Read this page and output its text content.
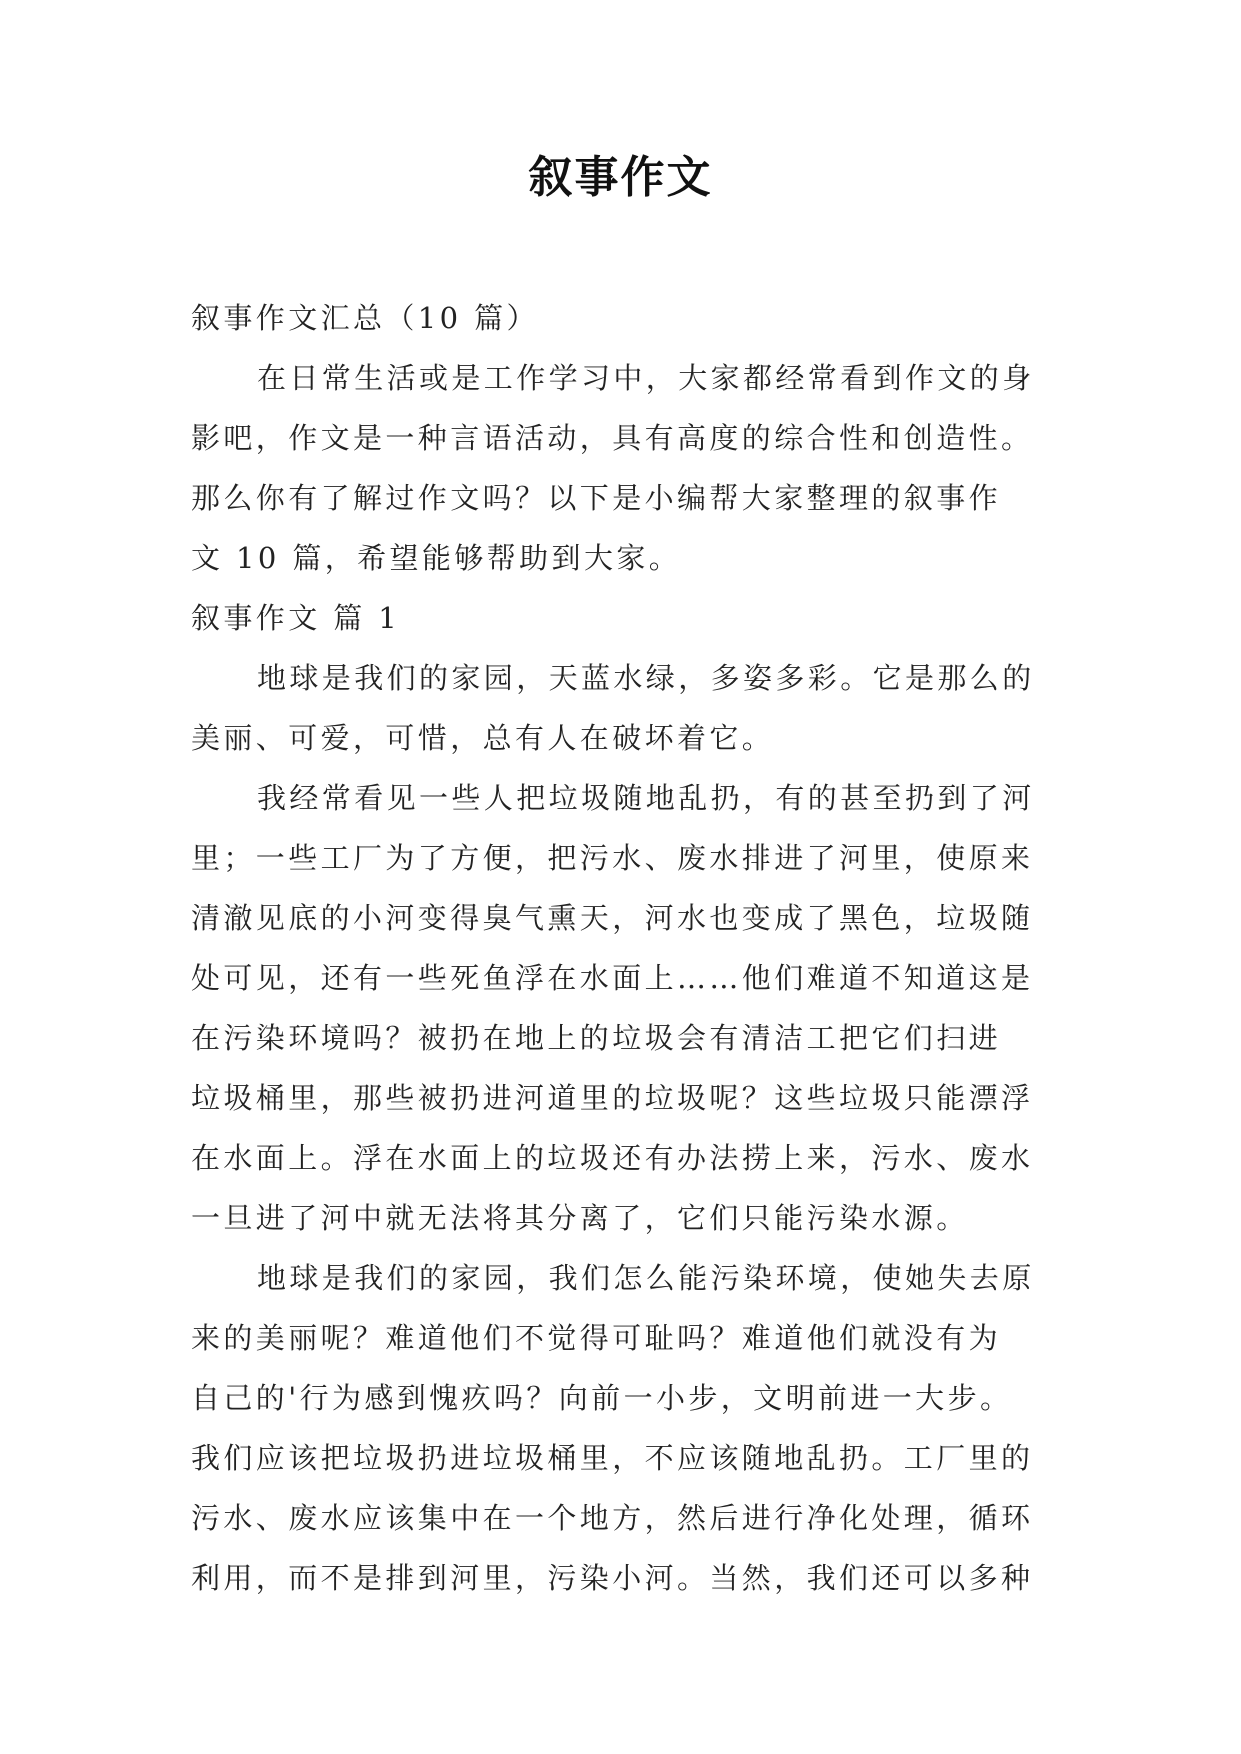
叙事作文
叙事作文汇总（10 篇）
在日常生活或是工作学习中，大家都经常看到作文的身
影吧，作文是一种言语活动，具有高度的综合性和创造性。
那么你有了解过作文吗？以下是小编帮大家整理的叙事作
文 10 篇，希望能够帮助到大家。
叙事作文 篇 1
地球是我们的家园，天蓝水绿，多姿多彩。它是那么的
美丽、可爱，可惜，总有人在破坏着它。
我经常看见一些人把垃圾随地乱扔，有的甚至扔到了河
里；一些工厂为了方便，把污水、废水排进了河里，使原来
清澈见底的小河变得臭气熏天，河水也变成了黑色，垃圾随
处可见，还有一些死鱼浮在水面上……他们难道不知道这是
在污染环境吗？被扔在地上的垃圾会有清洁工把它们扫进
垃圾桶里，那些被扔进河道里的垃圾呢？这些垃圾只能漂浮
在水面上。浮在水面上的垃圾还有办法捞上来，污水、废水
一旦进了河中就无法将其分离了，它们只能污染水源。
地球是我们的家园，我们怎么能污染环境，使她失去原
来的美丽呢？难道他们不觉得可耻吗？难道他们就没有为
自己的'行为感到愧疚吗？向前一小步，文明前进一大步。
我们应该把垃圾扔进垃圾桶里，不应该随地乱扔。工厂里的
污水、废水应该集中在一个地方，然后进行净化处理，循环
利用，而不是排到河里，污染小河。当然，我们还可以多种
